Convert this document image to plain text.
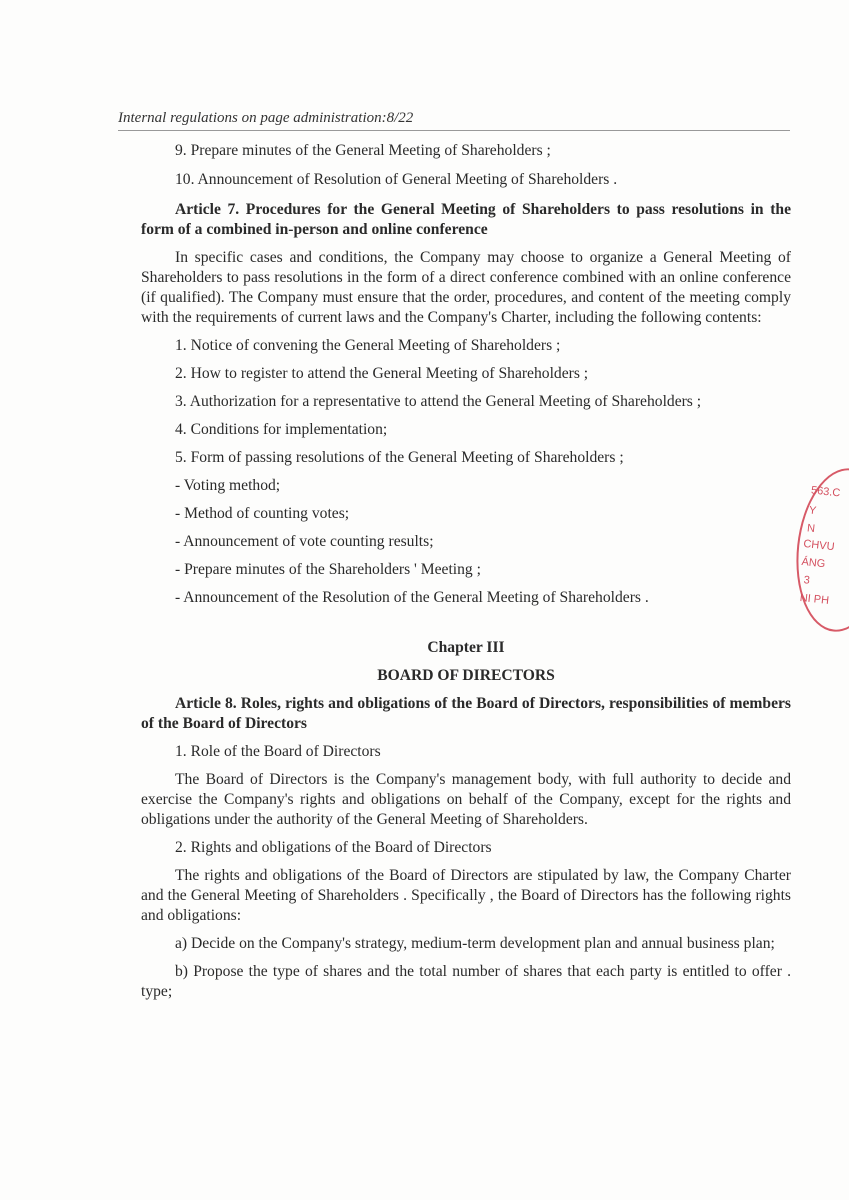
Internal regulations on page administration:8/22

9. Prepare minutes of the General Meeting of Shareholders ;

10. Announcement of Resolution of General Meeting of Shareholders .

Article 7. Procedures for the General Meeting of Shareholders to pass resolutions in the form of a combined in-person and online conference

In specific cases and conditions, the Company may choose to organize a General Meeting of Shareholders to pass resolutions in the form of a direct conference combined with an online conference (if qualified). The Company must ensure that the order, procedures, and content of the meeting comply with the requirements of current laws and the Company's Charter, including the following contents:

1. Notice of convening the General Meeting of Shareholders ;

2. How to register to attend the General Meeting of Shareholders ;

3. Authorization for a representative to attend the General Meeting of Shareholders ;

4. Conditions for implementation;

5. Form of passing resolutions of the General Meeting of Shareholders ;

- Voting method;

- Method of counting votes;

- Announcement of vote counting results;

- Prepare minutes of the Shareholders ' Meeting ;

- Announcement of the Resolution of the General Meeting of Shareholders .

Chapter III

BOARD OF DIRECTORS

Article 8. Roles, rights and obligations of the Board of Directors, responsibilities of members of the Board of Directors

1. Role of the Board of Directors

The Board of Directors is the Company's management body, with full authority to decide and exercise the Company's rights and obligations on behalf of the Company, except for the rights and obligations under the authority of the General Meeting of Shareholders.

2. Rights and obligations of the Board of Directors

The rights and obligations of the Board of Directors are stipulated by law, the Company Charter and the General Meeting of Shareholders . Specifically , the Board of Directors has the following rights and obligations:

a) Decide on the Company's strategy, medium-term development plan and annual business plan;

b) Propose the type of shares and the total number of shares that each party is entitled to offer . type;

563.C
Y
N
CHVU
ÁNG
3
NI PH
